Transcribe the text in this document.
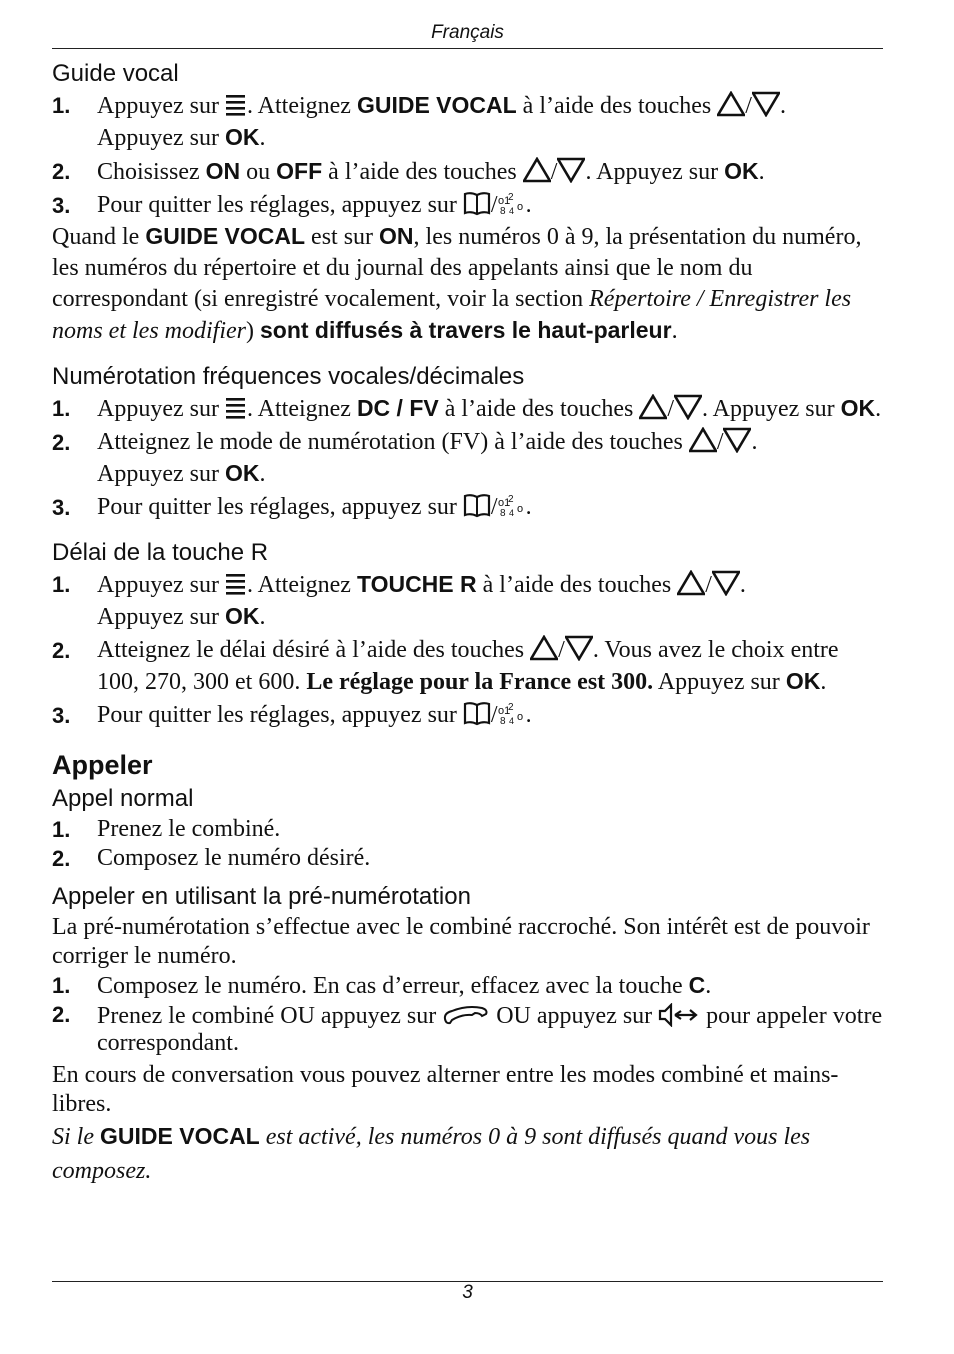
Français
Guide vocal
1. Appuyez sur . Atteignez GUIDE VOCAL à l’aide des touches / .
Appuyez sur OK.
2. Choisissez ON ou OFF à l’aide des touches / . Appuyez sur OK.
3. Pour quitter les réglages, appuyez sur / .

Quand le GUIDE VOCAL est sur ON, les numéros 0 à 9, la présentation du numéro, les numéros du répertoire et du journal des appelants ainsi que le nom du correspondant (si enregistré vocalement, voir la section Répertoire / Enregistrer les noms et les modifier) sont diffusés à travers le haut-parleur.

Numérotation fréquences vocales/décimales
1. Appuyez sur . Atteignez DC / FV à l’aide des touches / . Appuyez sur OK.
2. Atteignez le mode de numérotation (FV) à l’aide des touches / .
Appuyez sur OK.
3. Pour quitter les réglages, appuyez sur / .
Délai de la touche R
1. Appuyez sur . Atteignez TOUCHE R à l’aide des touches / .
Appuyez sur OK.
2. Atteignez le délai désiré à l’aide des touches / . Vous avez le choix entre 100, 270, 300 et 600. Le réglage pour la France est 300. Appuyez sur OK.
3. Pour quitter les réglages, appuyez sur / .
Appeler
Appel normal
1. Prenez le combiné.
2. Composez le numéro désiré.
Appeler en utilisant la pré-numérotation

La pré-numérotation s’effectue avec le combiné raccroché. Son intérêt est de pouvoir corriger le numéro.

1. Composez le numéro. En cas d’erreur, effacez avec la touche C.
2. Prenez le combiné OU appuyez sur  OU appuyez sur  pour appeler votre correspondant.

En cours de conversation vous pouvez alterner entre les modes combiné et mains-libres.

Si le GUIDE VOCAL est activé, les numéros 0 à 9 sont diffusés quand vous les composez.

3
